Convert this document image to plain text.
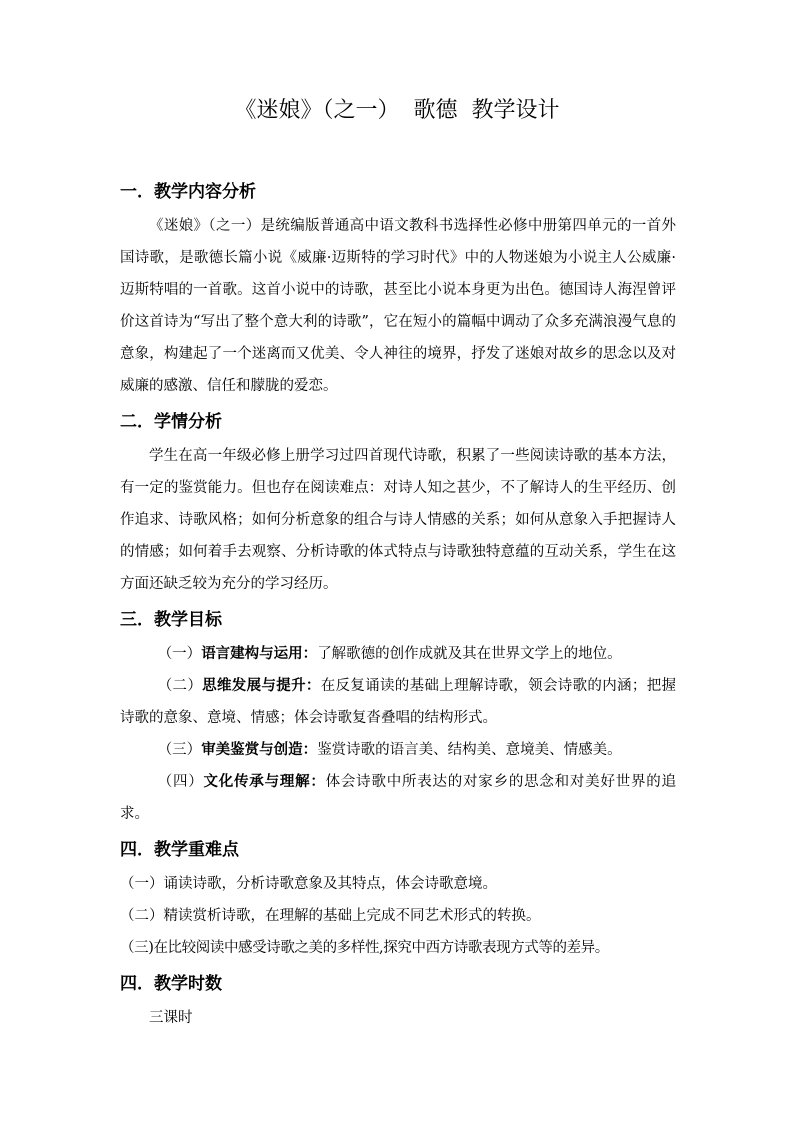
《迷娘》（之一）  歌德  教学设计
一．教学内容分析

《迷娘》（之一）是统编版普通高中语文教科书选择性必修中册第四单元的一首外国诗歌，是歌德长篇小说《威廉·迈斯特的学习时代》中的人物迷娘为小说主人公威廉·迈斯特唱的一首歌。这首小说中的诗歌，甚至比小说本身更为出色。德国诗人海涅曾评价这首诗为“写出了整个意大利的诗歌”，它在短小的篇幅中调动了众多充满浪漫气息的意象，构建起了一个迷离而又优美、令人神往的境界，抒发了迷娘对故乡的思念以及对威廉的感激、信任和朦胧的爱恋。

二．学情分析

学生在高一年级必修上册学习过四首现代诗歌，积累了一些阅读诗歌的基本方法，有一定的鉴赏能力。但也存在阅读难点：对诗人知之甚少，不了解诗人的生平经历、创作追求、诗歌风格；如何分析意象的组合与诗人情感的关系；如何从意象入手把握诗人的情感；如何着手去观察、分析诗歌的体式特点与诗歌独特意蕴的互动关系，学生在这方面还缺乏较为充分的学习经历。

三．教学目标

（一）语言建构与运用：了解歌德的创作成就及其在世界文学上的地位。

（二）思维发展与提升：在反复诵读的基础上理解诗歌，领会诗歌的内涵；把握诗歌的意象、意境、情感；体会诗歌复沓叠唱的结构形式。

（三）审美鉴赏与创造：鉴赏诗歌的语言美、结构美、意境美、情感美。

（四）文化传承与理解：体会诗歌中所表达的对家乡的思念和对美好世界的追求。

四．教学重难点

（一）诵读诗歌，分析诗歌意象及其特点，体会诗歌意境。

（二）精读赏析诗歌，在理解的基础上完成不同艺术形式的转换。

（三)在比较阅读中感受诗歌之美的多样性,探究中西方诗歌表现方式等的差异。

四．教学时数

三课时
